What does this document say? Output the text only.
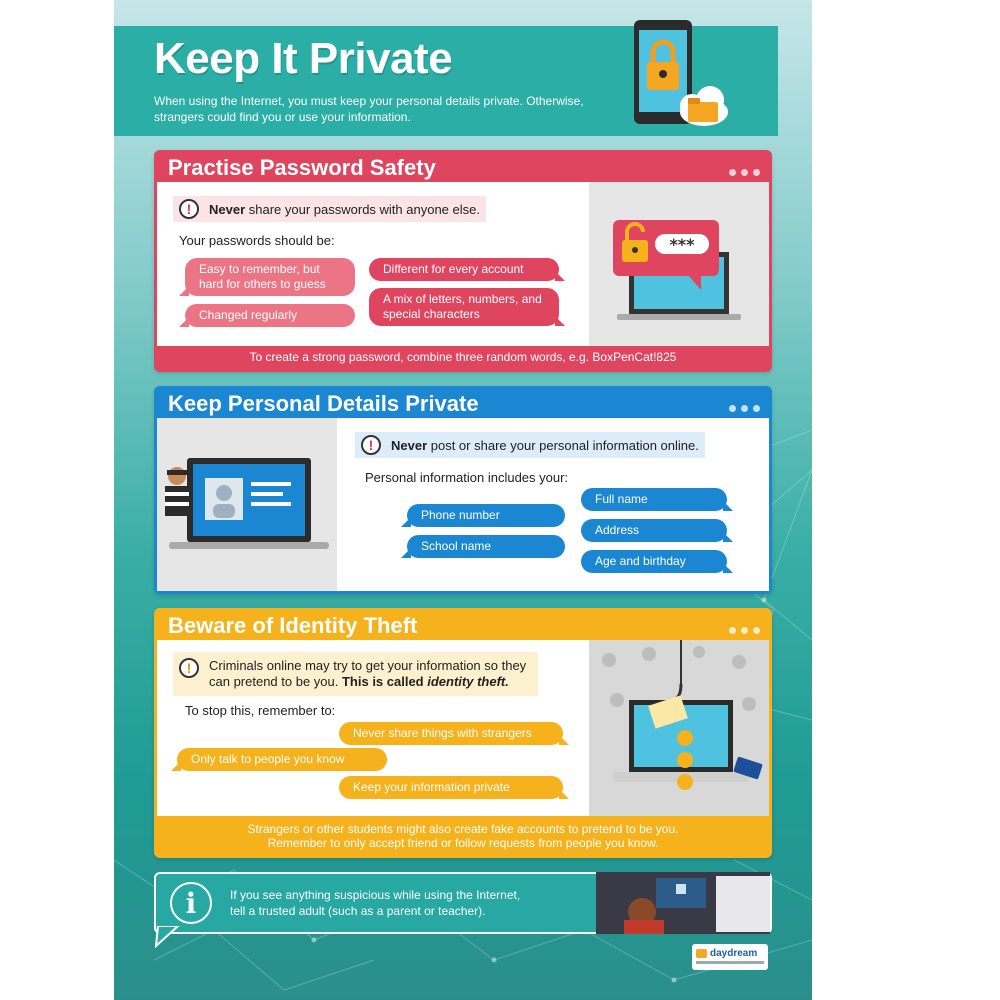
Keep It Private
When using the Internet, you must keep your personal details private. Otherwise, strangers could find you or use your information.
Practise Password Safety
!	Never share your passwords with anyone else.
Your passwords should be:
Easy to remember, but hard for others to guess
Changed regularly
Different for every account
A mix of letters, numbers, and special characters
***
To create a strong password, combine three random words, e.g. BoxPenCat!825
Keep Personal Details Private
!	Never post or share your personal information online.
Personal information includes your:
Phone number
School name
Full name
Address
Age and birthday
Beware of Identity Theft
!	Criminals online may try to get your information so they
can pretend to be you. This is called identity theft.
To stop this, remember to:
Never share things with strangers
Only talk to people you know
Keep your information private
Strangers or other students might also create fake accounts to pretend to be you.
Remember to only accept friend or follow requests from people you know.
i	If you see anything suspicious while using the Internet,
tell a trusted adult (such as a parent or teacher).
daydream
